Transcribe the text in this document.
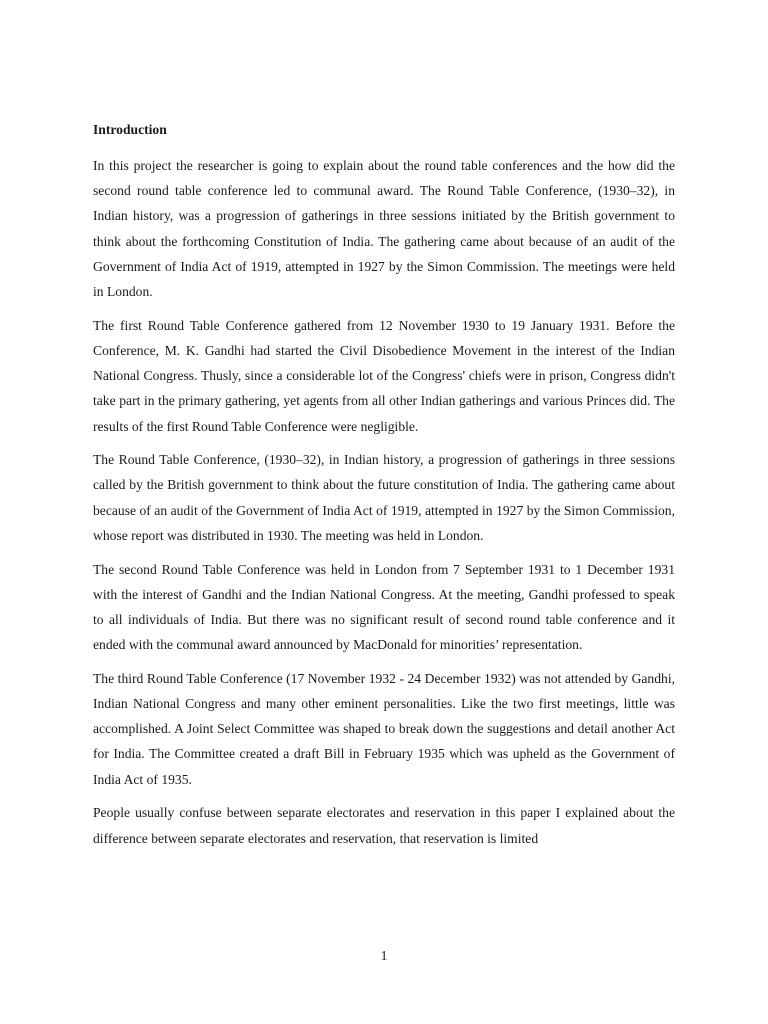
Introduction

In this project the researcher is going to explain about the round table conferences and the how did the second round table conference led to communal award. The Round Table Conference, (1930–32), in Indian history, was a progression of gatherings in three sessions initiated by the British government to think about the forthcoming Constitution of India. The gathering came about because of an audit of the Government of India Act of 1919, attempted in 1927 by the Simon Commission. The meetings were held in London.

The first Round Table Conference gathered from 12 November 1930 to 19 January 1931. Before the Conference, M. K. Gandhi had started the Civil Disobedience Movement in the interest of the Indian National Congress. Thusly, since a considerable lot of the Congress' chiefs were in prison, Congress didn't take part in the primary gathering, yet agents from all other Indian gatherings and various Princes did. The results of the first Round Table Conference were negligible.

The Round Table Conference, (1930–32), in Indian history, a progression of gatherings in three sessions called by the British government to think about the future constitution of India. The gathering came about because of an audit of the Government of India Act of 1919, attempted in 1927 by the Simon Commission, whose report was distributed in 1930. The meeting was held in London.

The second Round Table Conference was held in London from 7 September 1931 to 1 December 1931 with the interest of Gandhi and the Indian National Congress. At the meeting, Gandhi professed to speak to all individuals of India. But there was no significant result of second round table conference and it ended with the communal award announced by MacDonald for minorities’ representation.

The third Round Table Conference (17 November 1932 - 24 December 1932) was not attended by Gandhi, Indian National Congress and many other eminent personalities. Like the two first meetings, little was accomplished. A Joint Select Committee was shaped to break down the suggestions and detail another Act for India. The Committee created a draft Bill in February 1935 which was upheld as the Government of India Act of 1935.

People usually confuse between separate electorates and reservation in this paper I explained about the difference between separate electorates and reservation, that reservation is limited

1
